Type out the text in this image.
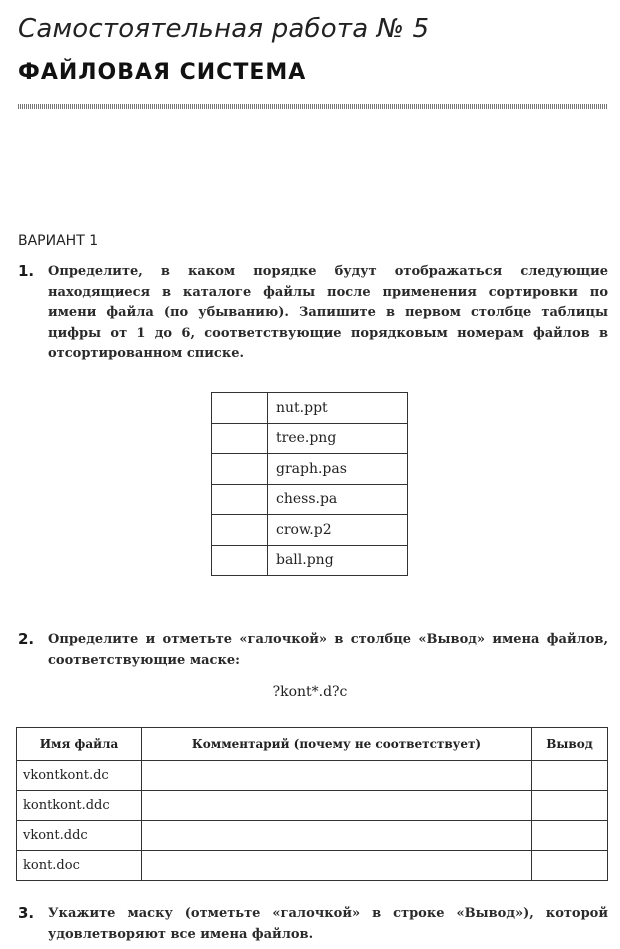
Самостоятельная работа № 5
ФАЙЛОВАЯ СИСТЕМА
ВАРИАНТ 1
1. Определите, в каком порядке будут отображаться следующие находящиеся в каталоге файлы после применения сортировки по имени файла (по убыванию). Запишите в первом столбце таблицы цифры от 1 до 6, соответствующие порядковым номерам файлов в отсортированном списке.
	nut.ppt
	tree.png
	graph.pas
	chess.pa
	crow.p2
	ball.png
2. Определите и отметьте «галочкой» в столбце «Вывод» имена файлов, соответствующие маске:
?kont*.d?c
Имя файла	Комментарий (почему не соответствует)	Вывод
vkontkont.dc		
kontkont.ddc		
vkont.ddc		
kont.doc		
3. Укажите маску (отметьте «галочкой» в строке «Вывод»), которой удовлетворяют все имена файлов.
